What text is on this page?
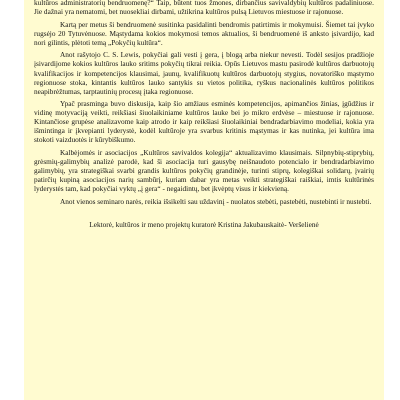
kultūros administratorių bendruomenę?“ Taip, būtent tuos žmones, dirbančius savivaldybių kultūros padaliniuose. Jie dažnai yra nematomi, bet nuosekliai dirbami, užtikrina kultūros pulsą Lietuvos miestuose ir rajonuose.

Kartą per metus ši bendruomenė susitinka pasidalinti bendromis patirtimis ir mokymuisi. Šiemet tai įvyko rugsėjo 20 Tytuvėnuose. Mąstydama kokios mokymosi temos aktualios, ši bendruomenė iš anksto įsivardijo, kad nori gilintis, plėtoti temą „Pokyčių kultūra“.

Anot rašytojo C. S. Lewis, pokyčiai gali vesti į gera, į blogą arba niekur nevesti. Todėl sesijos pradžioje įsivardijome kokios kultūros lauko sritims pokyčių tikrai reikia. Opūs Lietuvos mastu pasirodė kultūros darbuotojų kvalifikacijos ir kompetencijos klausimai, jaunų, kvalifikuotų kultūros darbuotojų stygius, novatoriško mąstymo regionuose stoka, kintantis kultūros lauko santykis su vietos politika, ryškus nacionalinės kultūros politikos neapibrėžtumas, tarptautinių procesų įtaka regionuose.

Ypač prasminga buvo diskusija, kaip šio amžiaus esminės kompetencijos, apimančios žinias, įgūdžius ir vidinę motyvaciją veikti, reikšiasi šiuolaikiniame kultūros lauke bei jo mikro erdvėse – miestuose ir rajonuose. Kintančiose grupėse analizavome kaip atrodo ir kaip reikšiasi šiuolaikiniai bendradarbiavimo modeliai, kokia yra išmintinga ir įkvepianti lyderystė, kodėl kultūroje yra svarbus kritinis mąstymas ir kas nutinka, jei kultūra ima stokoti vaizduotės ir kūrybiškumo.

Kalbėjomės ir asociacijos „Kultūros savivaldos kolegija“ aktualizavimo klausimais. Silpnybių-stiprybių, grėsmių-galimybių analizė parodė, kad ši asociacija turi gausybę neišnaudoto potencialo ir bendradarbiavimo galimybių, yra strategiškai svarbi grandis kultūros pokyčių grandinėje, turinti stiprų, kolegiškai solidarų, įvairių patirčių kupiną asociacijos narių sambūrį, kuriam dabar yra metas veikti strategiškai raiškiai, imtis kultūrinės lyderystės tam, kad pokyčiai vyktų „į gera“ - negaidintų, bet įkvėptų visus ir kiekvieną.

Anot vienos seminaro narės, reikia išsikelti sau uždavinį - nuolatos stebėti, pastebėti, nustebinti ir nustebti.

Lektorė, kultūros ir meno projektų kuratorė Kristina Jakubauskaitė- Veršelienė
